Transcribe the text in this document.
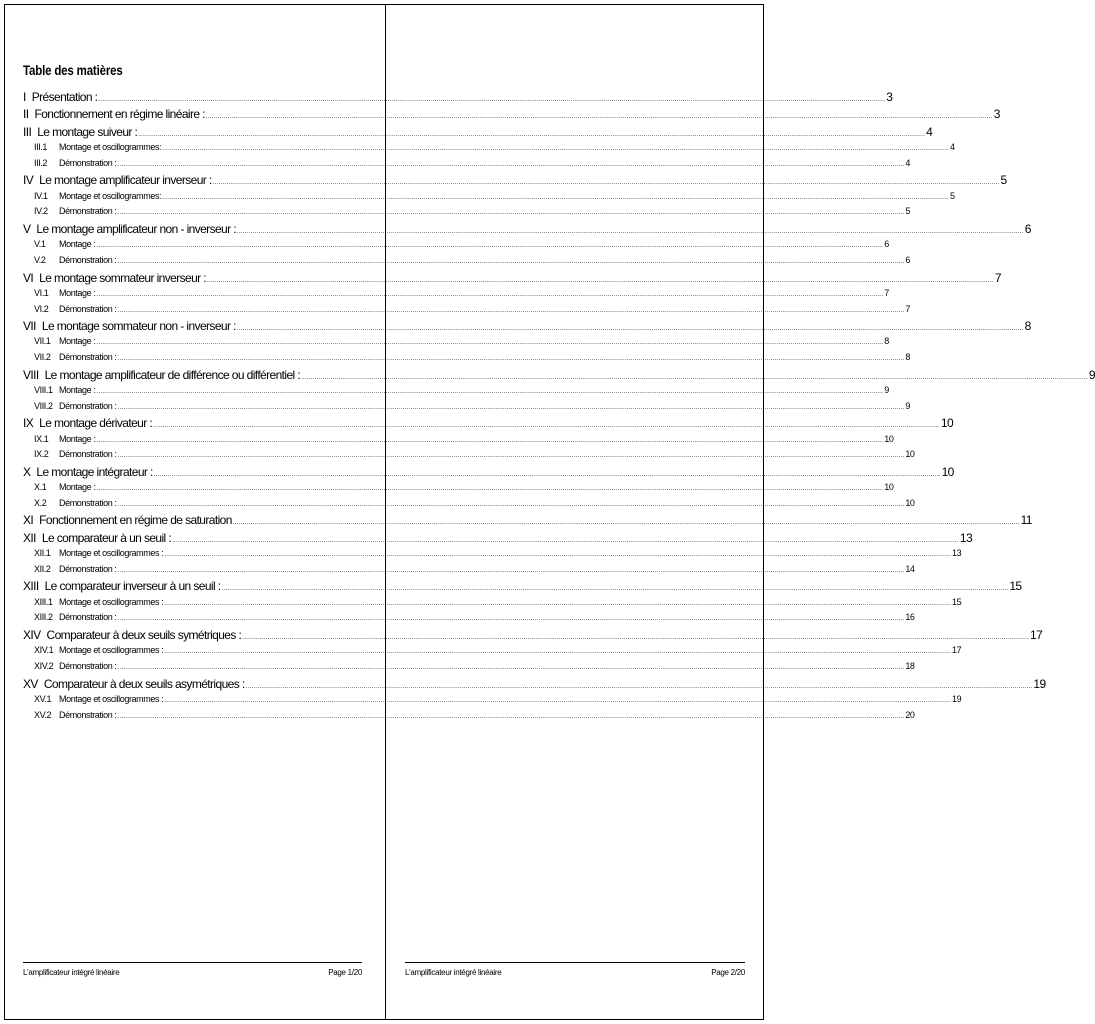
Table des matières
I Présentation : ................................................................................................................................................................................................................................................................................................................................................................................................................ 3
II Fonctionnement en régime linéaire : ................................................................................................................................................................................................................................................................................................................................................................................................................ 3
III Le montage suiveur : ................................................................................................................................................................................................................................................................................................................................................................................................................ 4
III.1	Montage et oscillogrammes: ................................................................................................................................................................................................................................................................................................................................................................................................................ 4
III.2	Démonstration : ................................................................................................................................................................................................................................................................................................................................................................................................................ 4
IV Le montage amplificateur inverseur : ................................................................................................................................................................................................................................................................................................................................................................................................................ 5
IV.1	Montage et oscillogrammes: ................................................................................................................................................................................................................................................................................................................................................................................................................ 5
IV.2	Démonstration : ................................................................................................................................................................................................................................................................................................................................................................................................................ 5
V Le montage amplificateur non - inverseur : ................................................................................................................................................................................................................................................................................................................................................................................................................ 6
V.1	Montage : ................................................................................................................................................................................................................................................................................................................................................................................................................ 6
V.2	Démonstration : ................................................................................................................................................................................................................................................................................................................................................................................................................ 6
VI Le montage sommateur inverseur : ................................................................................................................................................................................................................................................................................................................................................................................................................ 7
VI.1	Montage : ................................................................................................................................................................................................................................................................................................................................................................................................................ 7
VI.2	Démonstration : ................................................................................................................................................................................................................................................................................................................................................................................................................ 7
VII Le montage sommateur non - inverseur : ................................................................................................................................................................................................................................................................................................................................................................................................................ 8
VII.1 Montage : ................................................................................................................................................................................................................................................................................................................................................................................................................ 8
VII.2 Démonstration : ................................................................................................................................................................................................................................................................................................................................................................................................................ 8
VIII Le montage amplificateur de différence ou différentiel : ................................................................................................................................................................................................................................................................................................................................................................................................................ 9
VIII.1 Montage : ................................................................................................................................................................................................................................................................................................................................................................................................................ 9
VIII.2 Démonstration : ................................................................................................................................................................................................................................................................................................................................................................................................................ 9
IX Le montage dérivateur : ................................................................................................................................................................................................................................................................................................................................................................................................................ 10
IX.1	Montage : ................................................................................................................................................................................................................................................................................................................................................................................................................ 10
IX.2	Démonstration : ................................................................................................................................................................................................................................................................................................................................................................................................................ 10
X Le montage intégrateur : ................................................................................................................................................................................................................................................................................................................................................................................................................ 10
X.1	Montage : ................................................................................................................................................................................................................................................................................................................................................................................................................ 10
X.2	Démonstration : ................................................................................................................................................................................................................................................................................................................................................................................................................ 10
XI Fonctionnement en régime de saturation ................................................................................................................................................................................................................................................................................................................................................................................................................ 11
XII Le comparateur à un seuil : ................................................................................................................................................................................................................................................................................................................................................................................................................ 13
XII.1 Montage et oscillogrammes : ................................................................................................................................................................................................................................................................................................................................................................................................................ 13
XII.2 Démonstration : ................................................................................................................................................................................................................................................................................................................................................................................................................ 14
XIII Le comparateur inverseur à un seuil : ................................................................................................................................................................................................................................................................................................................................................................................................................ 15
XIII.1 Montage et oscillogrammes : ................................................................................................................................................................................................................................................................................................................................................................................................................ 15
XIII.2 Démonstration : ................................................................................................................................................................................................................................................................................................................................................................................................................ 16
XIV Comparateur à deux seuils symétriques : ................................................................................................................................................................................................................................................................................................................................................................................................................ 17
XIV.1 Montage et oscillogrammes : ................................................................................................................................................................................................................................................................................................................................................................................................................ 17
XIV.2 Démonstration : ................................................................................................................................................................................................................................................................................................................................................................................................................ 18
XV Comparateur à deux seuils asymétriques : ................................................................................................................................................................................................................................................................................................................................................................................................................ 19
XV.1 Montage et oscillogrammes : ................................................................................................................................................................................................................................................................................................................................................................................................................ 19
XV.2 Démonstration : ................................................................................................................................................................................................................................................................................................................................................................................................................ 20
L'amplificateur intégré linéaire	Page 1/20	L'amplificateur intégré linéaire	Page 2/20
